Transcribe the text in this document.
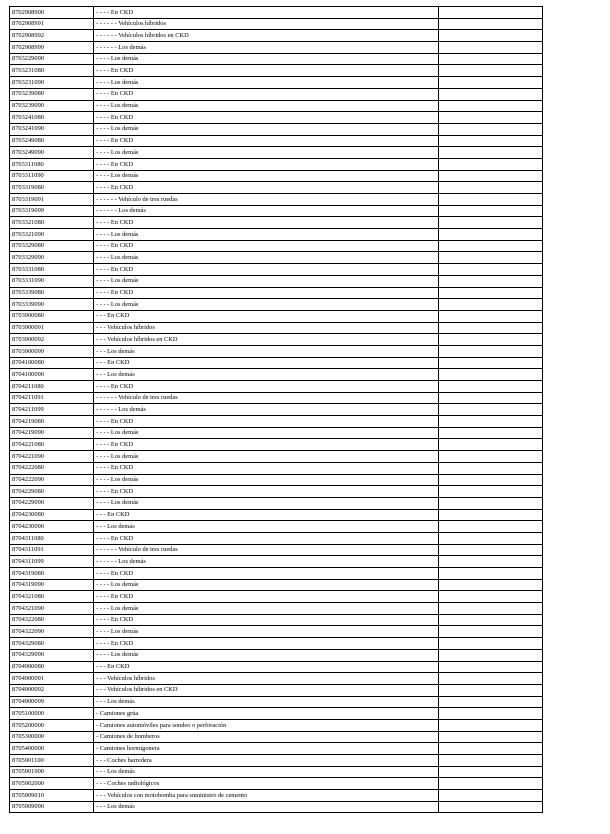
8702908900	- - - - En CKD	
8702908991	- - - - - - Vehículos híbridos	
8702908992	- - - - - - Vehículos híbridos en CKD	
8702908999	- - - - - - Los demás	
8703229090	- - - - Los demás	
8703231080	- - - - En CKD	
8703231090	- - - - Los demás	
8703239080	- - - - En CKD	
8703239090	- - - - Los demás	
8703241080	- - - - En CKD	
8703241090	- - - - Los demás	
8703249080	- - - - En CKD	
8703249090	- - - - Los demás	
8703311080	- - - - En CKD	
8703311090	- - - - Los demás	
8703319080	- - - - En CKD	
8703319091	- - - - - - Vehículo de tres ruedas	
8703319099	- - - - - - Los demás	
8703321080	- - - - En CKD	
8703321090	- - - - Los demás	
8703329080	- - - - En CKD	
8703329090	- - - - Los demás	
8703331080	- - - - En CKD	
8703331090	- - - - Los demás	
8703339080	- - - - En CKD	
8703339090	- - - - Los demás	
8703900080	- - - En CKD	
8703900091	- - - Vehículos híbridos	
8703900092	- - - Vehículos híbridos en CKD	
8703900099	- - - Los demás	
8704100080	- - - En CKD	
8704100090	- - - Los demás	
8704211080	- - - - En CKD	
8704211091	- - - - - - Vehículo de tres ruedas	
8704211099	- - - - - - Los demás	
8704219080	- - - - En CKD	
8704219090	- - - - Los demás	
8704221080	- - - - En CKD	
8704221090	- - - - Los demás	
8704222080	- - - - En CKD	
8704222090	- - - - Los demás	
8704229080	- - - - En CKD	
8704229090	- - - - Los demás	
8704230080	- - - En CKD	
8704230090	- - - Los demás	
8704311080	- - - - En CKD	
8704311091	- - - - - - Vehículo de tres ruedas	
8704311099	- - - - - - Los demás	
8704319080	- - - - En CKD	
8704319090	- - - - Los demás	
8704321080	- - - - En CKD	
8704321090	- - - - Los demás	
8704322080	- - - - En CKD	
8704322090	- - - - Los demás	
8704329080	- - - - En CKD	
8704329090	- - - - Los demás	
8704900080	- - - En CKD	
8704900091	- - - Vehículos híbridos	
8704900092	- - - Vehículos híbridos en CKD	
8704900099	- - - Los demás	
8705100000	- Camiones grúa	
8705200000	- Camiones automóviles para sondeo o perforación	
8705300000	- Camiones de bomberos	
8705400000	- Camiones hormigonera	
8705901100	- - - Coches barredera	
8705901900	- - - Los demás	
8705902000	- - - Coches radiológicos	
8705909010	- - - Vehículos con motobomba para suministro de cemento	
8705909090	- - - Los demás	
